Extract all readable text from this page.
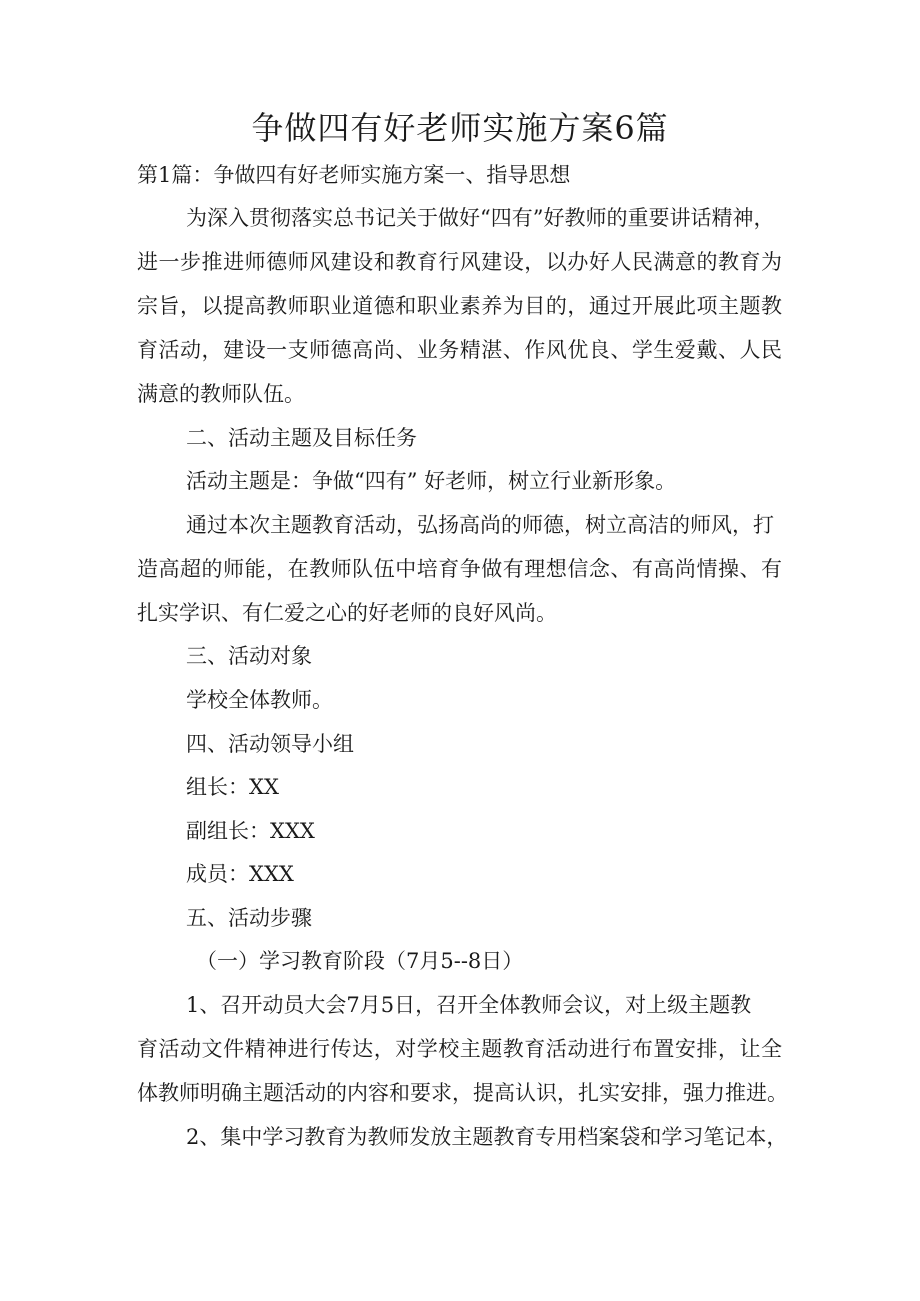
争做四有好老师实施方案6篇

第1篇：争做四有好老师实施方案一、指导思想

为深入贯彻落实总书记关于做好“四有”好教师的重要讲话精神，

进一步推进师德师风建设和教育行风建设，以办好人民满意的教育为

宗旨，以提高教师职业道德和职业素养为目的，通过开展此项主题教

育活动，建设一支师德高尚、业务精湛、作风优良、学生爱戴、人民

满意的教师队伍。

二、活动主题及目标任务

活动主题是：争做“四有” 好老师，树立行业新形象。

通过本次主题教育活动，弘扬高尚的师德，树立高洁的师风，打

造高超的师能，在教师队伍中培育争做有理想信念、有高尚情操、有

扎实学识、有仁爱之心的好老师的良好风尚。

三、活动对象

学校全体教师。

四、活动领导小组

组长：XX

副组长：XXX

成员：XXX

五、活动步骤

（一）学习教育阶段（7月5--8日）

1、召开动员大会7月5日，召开全体教师会议，对上级主题教

育活动文件精神进行传达，对学校主题教育活动进行布置安排，让全

体教师明确主题活动的内容和要求，提高认识，扎实安排，强力推进。

2、集中学习教育为教师发放主题教育专用档案袋和学习笔记本，
